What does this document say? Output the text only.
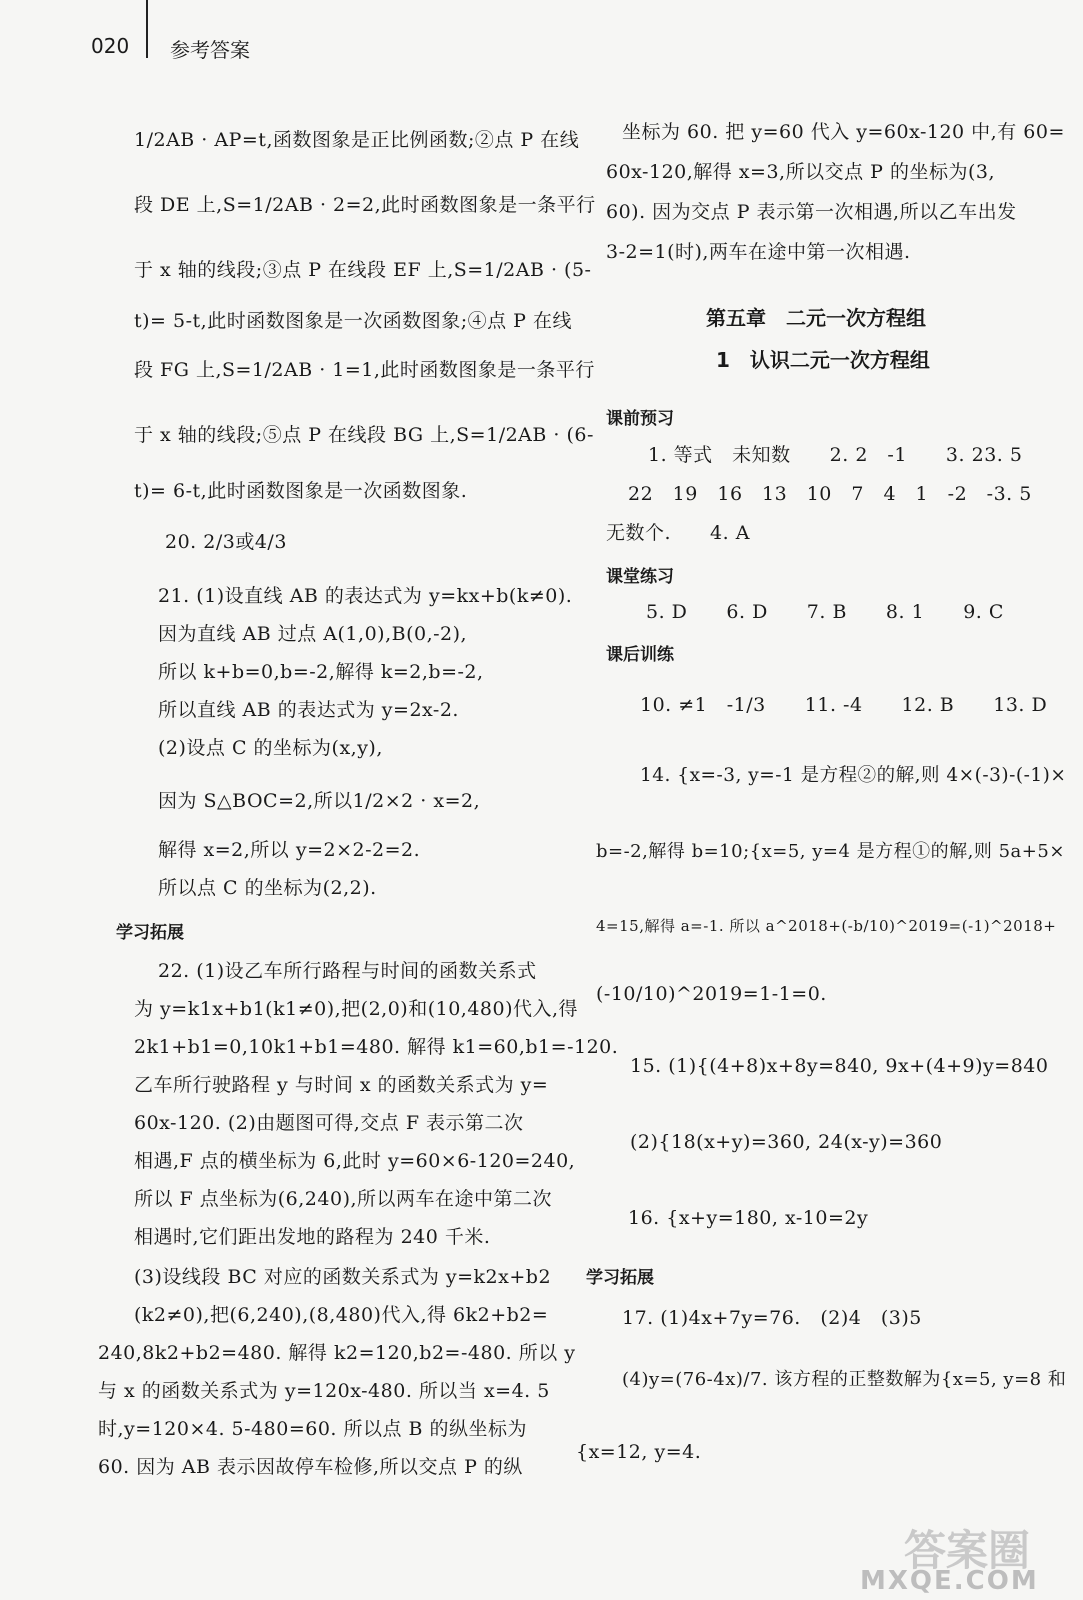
020 参考答案
1/2AB · AP=t,函数图象是正比例函数;②点 P 在线
段 DE 上,S=1/2AB · 2=2,此时函数图象是一条平行
于 x 轴的线段;③点 P 在线段 EF 上,S=1/2AB · (5-
t)= 5-t,此时函数图象是一次函数图象;④点 P 在线
段 FG 上,S=1/2AB · 1=1,此时函数图象是一条平行
于 x 轴的线段;⑤点 P 在线段 BG 上,S=1/2AB · (6-
t)= 6-t,此时函数图象是一次函数图象.
20. 2/3或4/3
21. (1)设直线 AB 的表达式为 y=kx+b(k≠0).
因为直线 AB 过点 A(1,0),B(0,-2),
所以 k+b=0,b=-2,解得 k=2,b=-2,
所以直线 AB 的表达式为 y=2x-2.
(2)设点 C 的坐标为(x,y),
因为 S△BOC=2,所以1/2×2 · x=2,
解得 x=2,所以 y=2×2-2=2.
所以点 C 的坐标为(2,2).
学习拓展
22. (1)设乙车所行路程与时间的函数关系式
为 y=k1x+b1(k1≠0),把(2,0)和(10,480)代入,得
2k1+b1=0,10k1+b1=480. 解得 k1=60,b1=-120.
乙车所行驶路程 y 与时间 x 的函数关系式为 y=
60x-120. (2)由题图可得,交点 F 表示第二次
相遇,F 点的横坐标为 6,此时 y=60×6-120=240,
所以 F 点坐标为(6,240),所以两车在途中第二次
相遇时,它们距出发地的路程为 240 千米.
(3)设线段 BC 对应的函数关系式为 y=k2x+b2
(k2≠0),把(6,240),(8,480)代入,得 6k2+b2=
240,8k2+b2=480. 解得 k2=120,b2=-480. 所以 y
与 x 的函数关系式为 y=120x-480. 所以当 x=4. 5
时,y=120×4. 5-480=60. 所以点 B 的纵坐标为
60. 因为 AB 表示因故停车检修,所以交点 P 的纵
坐标为 60. 把 y=60 代入 y=60x-120 中,有 60=
60x-120,解得 x=3,所以交点 P 的坐标为(3,
60). 因为交点 P 表示第一次相遇,所以乙车出发
3-2=1(时),两车在途中第一次相遇.
第五章　二元一次方程组
1　认识二元一次方程组
课前预习
1. 等式　未知数　　2. 2　-1　　3. 23. 5
22　19　16　13　10　7　4　1　-2　-3. 5
无数个.　　4. A
课堂练习
5. D　　6. D　　7. B　　8. 1　　9. C
课后训练
10. ≠1　-1/3　　11. -4　　12. B　　13. D
14. {x=-3, y=-1 是方程②的解,则 4×(-3)-(-1)×
b=-2,解得 b=10;{x=5, y=4 是方程①的解,则 5a+5×
4=15,解得 a=-1. 所以 a^2018+(-b/10)^2019=(-1)^2018+
(-10/10)^2019=1-1=0.
15. (1){(4+8)x+8y=840, 9x+(4+9)y=840
(2){18(x+y)=360, 24(x-y)=360
16. {x+y=180, x-10=2y
学习拓展
17. (1)4x+7y=76.　(2)4　(3)5
(4)y=(76-4x)/7. 该方程的正整数解为{x=5, y=8 和
{x=12, y=4.
答案圈
MXQE.COM
